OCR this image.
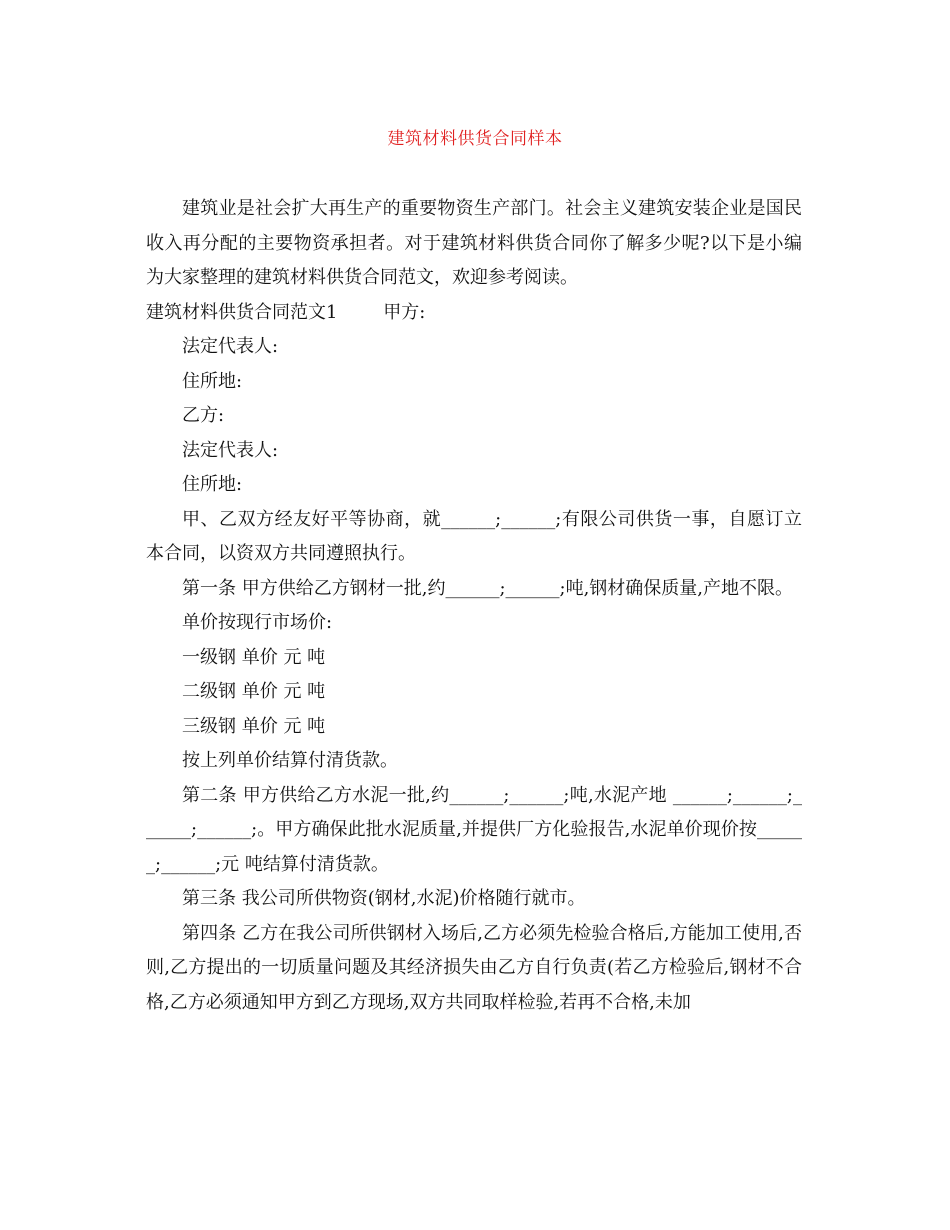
建筑材料供货合同样本

建筑业是社会扩大再生产的重要物资生产部门。社会主义建筑安装企业是国民收入再分配的主要物资承担者。对于建筑材料供货合同你了解多少呢?以下是小编为大家整理的建筑材料供货合同范文，欢迎参考阅读。

建筑材料供货合同范文1        甲方:

法定代表人:

住所地:

乙方:

法定代表人:

住所地:

甲、乙双方经友好平等协商，就______;______;有限公司供货一事，自愿订立本合同，以资双方共同遵照执行。

第一条 甲方供给乙方钢材一批,约______;______;吨,钢材确保质量,产地不限。

单价按现行市场价:

一级钢 单价 元 吨

二级钢 单价 元 吨

三级钢 单价 元 吨

按上列单价结算付清货款。

第二条 甲方供给乙方水泥一批,约______;______;吨,水泥产地 ______;______;______;______;。甲方确保此批水泥质量,并提供厂方化验报告,水泥单价现价按______;______;元 吨结算付清货款。

第三条 我公司所供物资(钢材,水泥)价格随行就市。

第四条 乙方在我公司所供钢材入场后,乙方必须先检验合格后,方能加工使用,否则,乙方提出的一切质量问题及其经济损失由乙方自行负责(若乙方检验后,钢材不合格,乙方必须通知甲方到乙方现场,双方共同取样检验,若再不合格,未加
